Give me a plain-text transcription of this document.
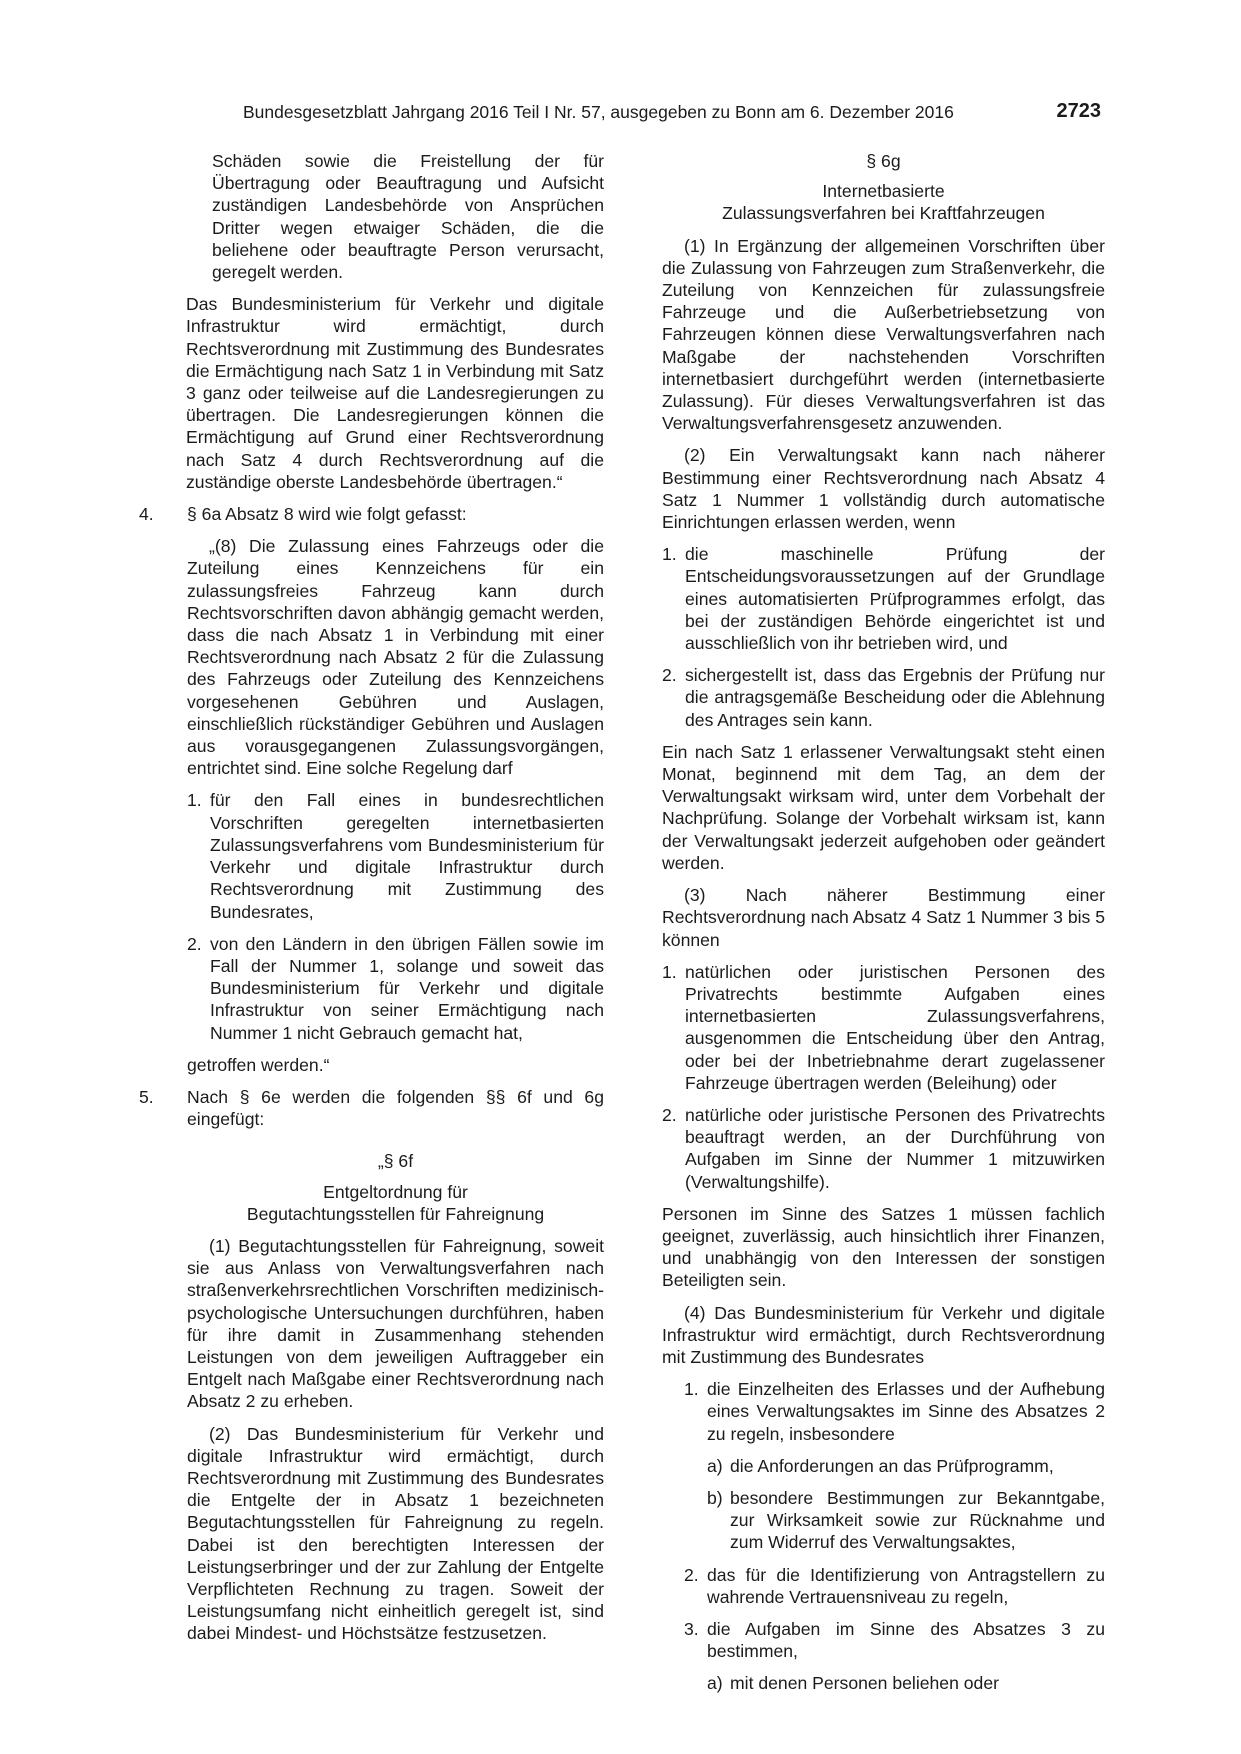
Bundesgesetzblatt Jahrgang 2016 Teil I Nr. 57, ausgegeben zu Bonn am 6. Dezember 2016	2723

Schäden sowie die Freistellung der für Übertragung oder Beauftragung und Aufsicht zuständigen Landesbehörde von Ansprüchen Dritter wegen etwaiger Schäden, die die beliehene oder beauftragte Person verursacht, geregelt werden.

Das Bundesministerium für Verkehr und digitale Infrastruktur wird ermächtigt, durch Rechtsverordnung mit Zustimmung des Bundesrates die Ermächtigung nach Satz 1 in Verbindung mit Satz 3 ganz oder teilweise auf die Landesregierungen zu übertragen. Die Landesregierungen können die Ermächtigung auf Grund einer Rechtsverordnung nach Satz 4 durch Rechtsverordnung auf die zuständige oberste Landesbehörde übertragen.“

4. § 6a Absatz 8 wird wie folgt gefasst:

„(8) Die Zulassung eines Fahrzeugs oder die Zuteilung eines Kennzeichens für ein zulassungsfreies Fahrzeug kann durch Rechtsvorschriften davon abhängig gemacht werden, dass die nach Absatz 1 in Verbindung mit einer Rechtsverordnung nach Absatz 2 für die Zulassung des Fahrzeugs oder Zuteilung des Kennzeichens vorgesehenen Gebühren und Auslagen, einschließlich rückständiger Gebühren und Auslagen aus vorausgegangenen Zulassungsvorgängen, entrichtet sind. Eine solche Regelung darf

1. für den Fall eines in bundesrechtlichen Vorschriften geregelten internetbasierten Zulassungsverfahrens vom Bundesministerium für Verkehr und digitale Infrastruktur durch Rechtsverordnung mit Zustimmung des Bundesrates,
2. von den Ländern in den übrigen Fällen sowie im Fall der Nummer 1, solange und soweit das Bundesministerium für Verkehr und digitale Infrastruktur von seiner Ermächtigung nach Nummer 1 nicht Gebrauch gemacht hat,

getroffen werden.“

5. Nach § 6e werden die folgenden §§ 6f und 6g eingefügt:

„§ 6f

Entgeltordnung für

Begutachtungsstellen für Fahreignung

(1) Begutachtungsstellen für Fahreignung, soweit sie aus Anlass von Verwaltungsverfahren nach straßenverkehrsrechtlichen Vorschriften medizinisch-psychologische Untersuchungen durchführen, haben für ihre damit in Zusammenhang stehenden Leistungen von dem jeweiligen Auftraggeber ein Entgelt nach Maßgabe einer Rechtsverordnung nach Absatz 2 zu erheben.

(2) Das Bundesministerium für Verkehr und digitale Infrastruktur wird ermächtigt, durch Rechtsverordnung mit Zustimmung des Bundesrates die Entgelte der in Absatz 1 bezeichneten Begutachtungsstellen für Fahreignung zu regeln. Dabei ist den berechtigten Interessen der Leistungserbringer und der zur Zahlung der Entgelte Verpflichteten Rechnung zu tragen. Soweit der Leistungsumfang nicht einheitlich geregelt ist, sind dabei Mindest- und Höchstsätze festzusetzen.

§ 6g

Internetbasierte

Zulassungsverfahren bei Kraftfahrzeugen

(1) In Ergänzung der allgemeinen Vorschriften über die Zulassung von Fahrzeugen zum Straßenverkehr, die Zuteilung von Kennzeichen für zulassungsfreie Fahrzeuge und die Außerbetriebsetzung von Fahrzeugen können diese Verwaltungsverfahren nach Maßgabe der nachstehenden Vorschriften internetbasiert durchgeführt werden (internetbasierte Zulassung). Für dieses Verwaltungsverfahren ist das Verwaltungsverfahrensgesetz anzuwenden.

(2) Ein Verwaltungsakt kann nach näherer Bestimmung einer Rechtsverordnung nach Absatz 4 Satz 1 Nummer 1 vollständig durch automatische Einrichtungen erlassen werden, wenn

1. die maschinelle Prüfung der Entscheidungsvoraussetzungen auf der Grundlage eines automatisierten Prüfprogrammes erfolgt, das bei der zuständigen Behörde eingerichtet ist und ausschließlich von ihr betrieben wird, und
2. sichergestellt ist, dass das Ergebnis der Prüfung nur die antragsgemäße Bescheidung oder die Ablehnung des Antrages sein kann.

Ein nach Satz 1 erlassener Verwaltungsakt steht einen Monat, beginnend mit dem Tag, an dem der Verwaltungsakt wirksam wird, unter dem Vorbehalt der Nachprüfung. Solange der Vorbehalt wirksam ist, kann der Verwaltungsakt jederzeit aufgehoben oder geändert werden.

(3) Nach näherer Bestimmung einer Rechtsverordnung nach Absatz 4 Satz 1 Nummer 3 bis 5 können

1. natürlichen oder juristischen Personen des Privatrechts bestimmte Aufgaben eines internetbasierten Zulassungsverfahrens, ausgenommen die Entscheidung über den Antrag, oder bei der Inbetriebnahme derart zugelassener Fahrzeuge übertragen werden (Beleihung) oder
2. natürliche oder juristische Personen des Privatrechts beauftragt werden, an der Durchführung von Aufgaben im Sinne der Nummer 1 mitzuwirken (Verwaltungshilfe).

Personen im Sinne des Satzes 1 müssen fachlich geeignet, zuverlässig, auch hinsichtlich ihrer Finanzen, und unabhängig von den Interessen der sonstigen Beteiligten sein.

(4) Das Bundesministerium für Verkehr und digitale Infrastruktur wird ermächtigt, durch Rechtsverordnung mit Zustimmung des Bundesrates

1. die Einzelheiten des Erlasses und der Aufhebung eines Verwaltungsaktes im Sinne des Absatzes 2 zu regeln, insbesondere
a) die Anforderungen an das Prüfprogramm,
b) besondere Bestimmungen zur Bekanntgabe, zur Wirksamkeit sowie zur Rücknahme und zum Widerruf des Verwaltungsaktes,
2. das für die Identifizierung von Antragstellern zu wahrende Vertrauensniveau zu regeln,
3. die Aufgaben im Sinne des Absatzes 3 zu bestimmen,
a) mit denen Personen beliehen oder
